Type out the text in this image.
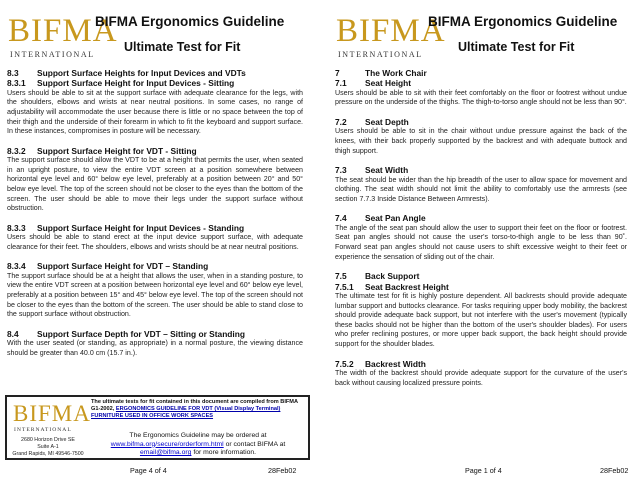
BIFMA
INTERNATIONAL
BIFMA Ergonomics Guideline
Ultimate Test for Fit
8.3 Support Surface Heights for Input Devices and VDTs
8.3.1 Support Surface Height for Input Devices - Sitting
Users should be able to sit at the support surface with adequate clearance for the legs, with the shoulders, elbows and wrists at near neutral positions. In some cases, no range of adjustability will accommodate the user because there is little or no space between the top of their thigh and the underside of their forearm in which to fit the keyboard and support surface. In these instances, compromises in posture will be necessary.
8.3.2 Support Surface Height for VDT - Sitting
The support surface should allow the VDT to be at a height that permits the user, when seated in an upright posture, to view the entire VDT screen at a position somewhere between horizontal eye level and 60° below eye level, preferably at a position between 20° and 50° below eye level. The top of the screen should not be closer to the eyes than the bottom of the screen. The user should be able to move their legs under the support surface without obstruction.
8.3.3 Support Surface Height for Input Devices - Standing
Users should be able to stand erect at the input device support surface, with adequate clearance for their feet. The shoulders, elbows and wrists should be at near neutral positions.
8.3.4 Support Surface Height for VDT – Standing
The support surface should be at a height that allows the user, when in a standing posture, to view the entire VDT screen at a position between horizontal eye level and 60° below eye level, preferably at a position between 15° and 45° below eye level. The top of the screen should not be closer to the eyes than the bottom of the screen. The user should be able to stand close to the support surface without obstruction.
8.4 Support Surface Depth for VDT – Sitting or Standing
With the user seated (or standing, as appropriate) in a normal posture, the viewing distance should be greater than 40.0 cm (15.7 in.).
BIFMA
INTERNATIONAL
2680 Horizon Drive SE
Suite A-1
Grand Rapids, MI 49546-7500
The ultimate tests for fit contained in this document are compiled from BIFMA G1-2002, ERGONOMICS GUIDELINE FOR VDT (Visual Display Terminal) FURNITURE USED IN OFFICE WORK SPACES
The Ergonomics Guideline may be ordered at
www.bifma.org/secure/orderform.html or contact BIFMA at
email@bifma.org for more information.
Page 4 of 4	28Feb02
BIFMA
INTERNATIONAL
BIFMA Ergonomics Guideline
Ultimate Test for Fit
7	The Work Chair
7.1 Seat Height
Users should be able to sit with their feet comfortably on the floor or footrest without undue pressure on the underside of the thighs. The thigh-to-torso angle should not be less than 90°.
7.2 Seat Depth
Users should be able to sit in the chair without undue pressure against the back of the knees, with their back properly supported by the backrest and with adequate buttock and thigh support.
7.3 Seat Width
The seat should be wider than the hip breadth of the user to allow space for movement and clothing. The seat width should not limit the ability to comfortably use the armrests (see section 7.7.3 Inside Distance Between Armrests).
7.4 Seat Pan Angle
The angle of the seat pan should allow the user to support their feet on the floor or footrest. Seat pan angles should not cause the user's torso-to-thigh angle to be less than 90˚. Forward seat pan angles should not cause users to shift excessive weight to their feet or experience the sensation of sliding out of the chair.
7.5 Back Support
7.5.1 Seat Backrest Height
The ultimate test for fit is highly posture dependent. All backrests should provide adequate lumbar support and buttocks clearance. For tasks requiring upper body mobility, the backrest should provide adequate back support, but not interfere with the user's movement (typically these backs should not be higher than the bottom of the user's shoulder blades). For users who prefer reclining postures, or more upper back support, the back height should provide support for the shoulder blades.
7.5.2 Backrest Width
The width of the backrest should provide adequate support for the curvature of the user's back without causing localized pressure points.
Page 1 of 4	28Feb02
